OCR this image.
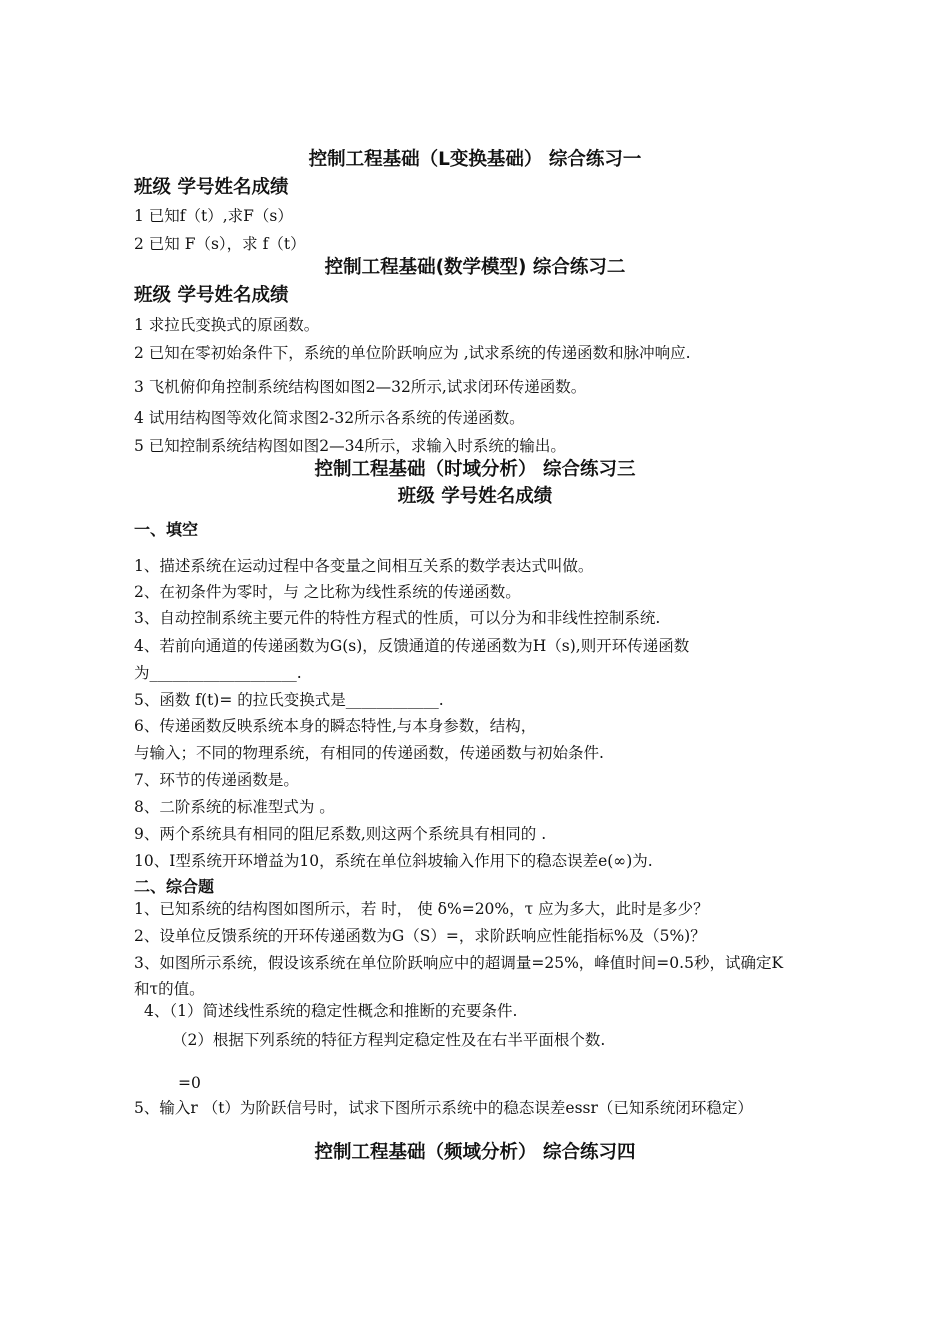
控制工程基础（L变换基础） 综合练习一
班级 学号姓名成绩
1 已知f（t）,求F（s）
2 已知 F（s），求 f（t）
控制工程基础(数学模型) 综合练习二
班级 学号姓名成绩
1 求拉氏变换式的原函数。
2 已知在零初始条件下，系统的单位阶跃响应为 ,试求系统的传递函数和脉冲响应.
3 飞机俯仰角控制系统结构图如图2—32所示,试求闭环传递函数。
4 试用结构图等效化简求图2-32所示各系统的传递函数。
5 已知控制系统结构图如图2—34所示，求输入时系统的输出。
控制工程基础（时域分析） 综合练习三
班级 学号姓名成绩
一、填空
1、描述系统在运动过程中各变量之间相互关系的数学表达式叫做。
2、在初条件为零时，与 之比称为线性系统的传递函数。
3、自动控制系统主要元件的特性方程式的性质，可以分为和非线性控制系统.
4、若前向通道的传递函数为G(s)，反馈通道的传递函数为H（s),则开环传递函数
为___________________.
5、函数 f(t)= 的拉氏变换式是____________.
6、传递函数反映系统本身的瞬态特性,与本身参数，结构，
与输入；不同的物理系统，有相同的传递函数，传递函数与初始条件.
7、环节的传递函数是。
8、二阶系统的标准型式为 。
9、两个系统具有相同的阻尼系数,则这两个系统具有相同的 .
10、I型系统开环增益为10，系统在单位斜坡输入作用下的稳态误差e(∞)为.
二、综合题
1、已知系统的结构图如图所示，若 时， 使 δ%=20%，τ 应为多大，此时是多少？
2、设单位反馈系统的开环传递函数为G（S）=，求阶跃响应性能指标%及（5%)？
3、如图所示系统，假设该系统在单位阶跃响应中的超调量=25%，峰值时间=0.5秒，试确定K
和τ的值。
4、（1）简述线性系统的稳定性概念和推断的充要条件.
（2）根据下列系统的特征方程判定稳定性及在右半平面根个数.
=0
5、输入r （t）为阶跃信号时，试求下图所示系统中的稳态误差essr（已知系统闭环稳定）
控制工程基础（频域分析） 综合练习四
